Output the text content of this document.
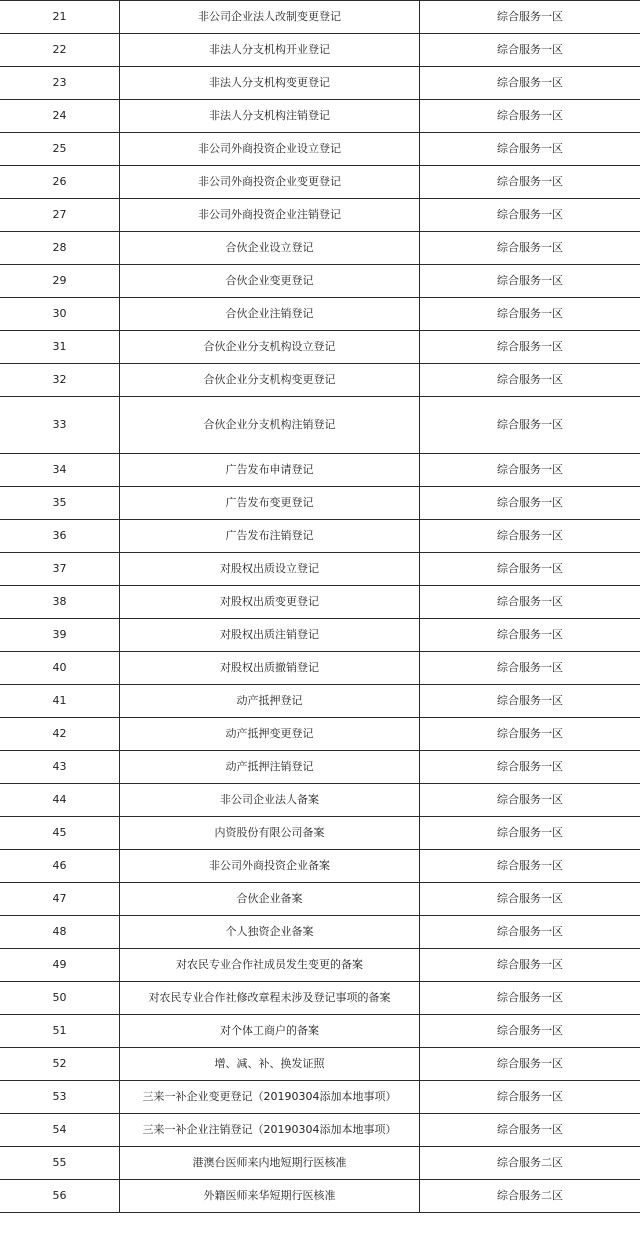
21	非公司企业法人改制变更登记	综合服务一区
22	非法人分支机构开业登记	综合服务一区
23	非法人分支机构变更登记	综合服务一区
24	非法人分支机构注销登记	综合服务一区
25	非公司外商投资企业设立登记	综合服务一区
26	非公司外商投资企业变更登记	综合服务一区
27	非公司外商投资企业注销登记	综合服务一区
28	合伙企业设立登记	综合服务一区
29	合伙企业变更登记	综合服务一区
30	合伙企业注销登记	综合服务一区
31	合伙企业分支机构设立登记	综合服务一区
32	合伙企业分支机构变更登记	综合服务一区
33	合伙企业分支机构注销登记	综合服务一区
34	广告发布申请登记	综合服务一区
35	广告发布变更登记	综合服务一区
36	广告发布注销登记	综合服务一区
37	对股权出质设立登记	综合服务一区
38	对股权出质变更登记	综合服务一区
39	对股权出质注销登记	综合服务一区
40	对股权出质撤销登记	综合服务一区
41	动产抵押登记	综合服务一区
42	动产抵押变更登记	综合服务一区
43	动产抵押注销登记	综合服务一区
44	非公司企业法人备案	综合服务一区
45	内资股份有限公司备案	综合服务一区
46	非公司外商投资企业备案	综合服务一区
47	合伙企业备案	综合服务一区
48	个人独资企业备案	综合服务一区
49	对农民专业合作社成员发生变更的备案	综合服务一区
50	对农民专业合作社修改章程未涉及登记事项的备案	综合服务一区
51	对个体工商户的备案	综合服务一区
52	增、减、补、换发证照	综合服务一区
53	三来一补企业变更登记（20190304添加本地事项）	综合服务一区
54	三来一补企业注销登记（20190304添加本地事项）	综合服务一区
55	港澳台医师来内地短期行医核准	综合服务二区
56	外籍医师来华短期行医核准	综合服务二区
